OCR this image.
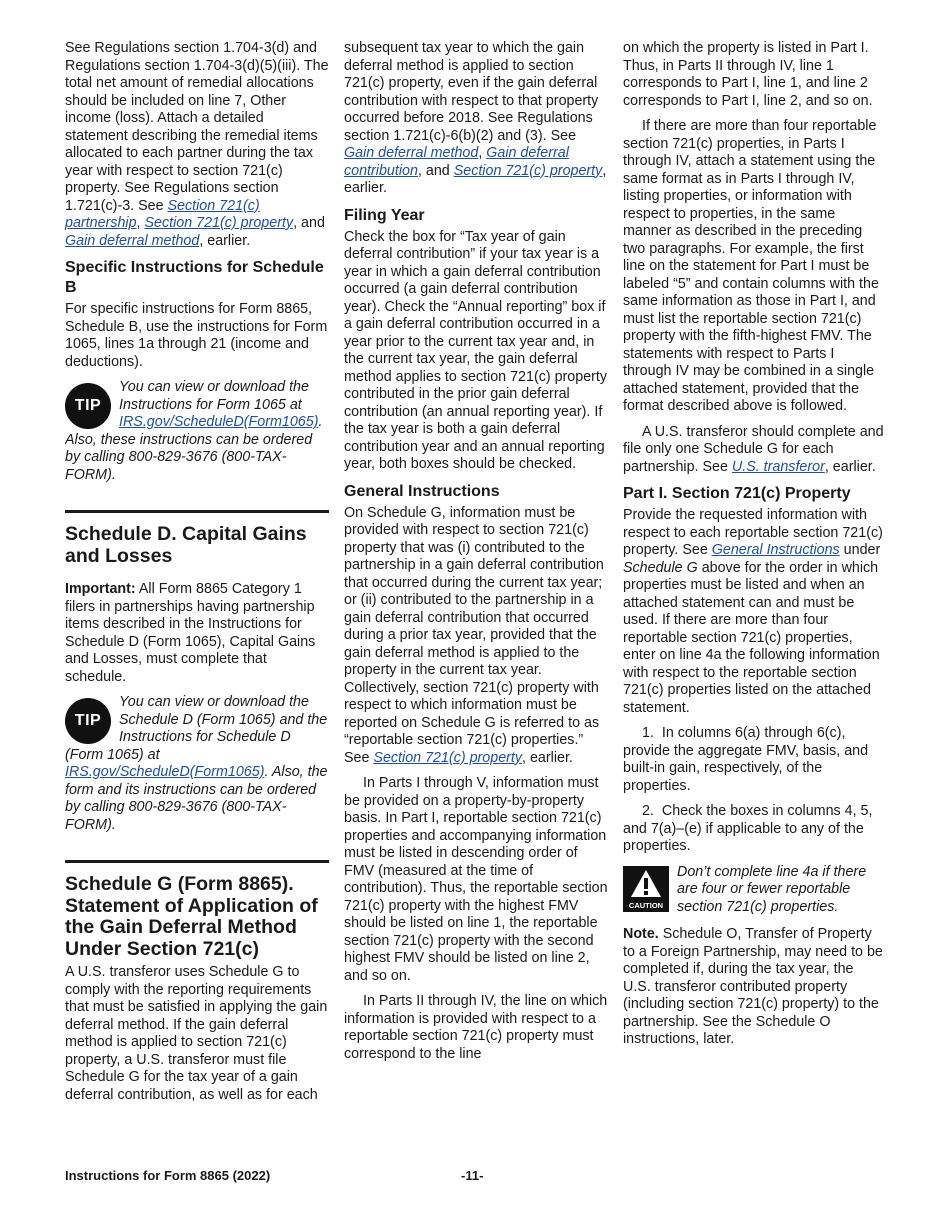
See Regulations section 1.704-3(d) and Regulations section 1.704-3(d)(5)(iii). The total net amount of remedial allocations should be included on line 7, Other income (loss). Attach a detailed statement describing the remedial items allocated to each partner during the tax year with respect to section 721(c) property. See Regulations section 1.721(c)-3. See Section 721(c) partnership, Section 721(c) property, and Gain deferral method, earlier.

Specific Instructions for Schedule B

For specific instructions for Form 8865, Schedule B, use the instructions for Form 1065, lines 1a through 21 (income and deductions).

TIP
You can view or download the Instructions for Form 1065 at IRS.gov/ScheduleD(Form1065). Also, these instructions can be ordered by calling 800-829-3676 (800-TAX-FORM).
Schedule D. Capital Gains and Losses

Important: All Form 8865 Category 1 filers in partnerships having partnership items described in the Instructions for Schedule D (Form 1065), Capital Gains and Losses, must complete that schedule.

TIP
You can view or download the Schedule D (Form 1065) and the Instructions for Schedule D (Form 1065) at IRS.gov/ScheduleD(Form1065). Also, the form and its instructions can be ordered by calling 800-829-3676 (800-TAX-FORM).
Schedule G (Form 8865). Statement of Application of the Gain Deferral Method Under Section 721(c)

A U.S. transferor uses Schedule G to comply with the reporting requirements that must be satisfied in applying the gain deferral method. If the gain deferral method is applied to section 721(c) property, a U.S. transferor must file Schedule G for the tax year of a gain deferral contribution, as well as for each

subsequent tax year to which the gain deferral method is applied to section 721(c) property, even if the gain deferral contribution with respect to that property occurred before 2018. See Regulations section 1.721(c)-6(b)(2) and (3). See Gain deferral method, Gain deferral contribution, and Section 721(c) property, earlier.

Filing Year

Check the box for “Tax year of gain deferral contribution” if your tax year is a year in which a gain deferral contribution occurred (a gain deferral contribution year). Check the “Annual reporting” box if a gain deferral contribution occurred in a year prior to the current tax year and, in the current tax year, the gain deferral method applies to section 721(c) property contributed in the prior gain deferral contribution (an annual reporting year). If the tax year is both a gain deferral contribution year and an annual reporting year, both boxes should be checked.

General Instructions

On Schedule G, information must be provided with respect to section 721(c) property that was (i) contributed to the partnership in a gain deferral contribution that occurred during the current tax year; or (ii) contributed to the partnership in a gain deferral contribution that occurred during a prior tax year, provided that the gain deferral method is applied to the property in the current tax year. Collectively, section 721(c) property with respect to which information must be reported on Schedule G is referred to as “reportable section 721(c) properties.” See Section 721(c) property, earlier.

In Parts I through V, information must be provided on a property-by-property basis. In Part I, reportable section 721(c) properties and accompanying information must be listed in descending order of FMV (measured at the time of contribution). Thus, the reportable section 721(c) property with the highest FMV should be listed on line 1, the reportable section 721(c) property with the second highest FMV should be listed on line 2, and so on.

In Parts II through IV, the line on which information is provided with respect to a reportable section 721(c) property must correspond to the line

on which the property is listed in Part I. Thus, in Parts II through IV, line 1 corresponds to Part I, line 1, and line 2 corresponds to Part I, line 2, and so on.

If there are more than four reportable section 721(c) properties, in Parts I through IV, attach a statement using the same format as in Parts I through IV, listing properties, or information with respect to properties, in the same manner as described in the preceding two paragraphs. For example, the first line on the statement for Part I must be labeled “5” and contain columns with the same information as those in Part I, and must list the reportable section 721(c) property with the fifth-highest FMV. The statements with respect to Parts I through IV may be combined in a single attached statement, provided that the format described above is followed.

A U.S. transferor should complete and file only one Schedule G for each partnership. See U.S. transferor, earlier.

Part I. Section 721(c) Property

Provide the requested information with respect to each reportable section 721(c) property. See General Instructions under Schedule G above for the order in which properties must be listed and when an attached statement can and must be used. If there are more than four reportable section 721(c) properties, enter on line 4a the following information with respect to the reportable section 721(c) properties listed on the attached statement.

1.  In columns 6(a) through 6(c), provide the aggregate FMV, basis, and built-in gain, respectively, of the properties.

2.  Check the boxes in columns 4, 5, and 7(a)–(e) if applicable to any of the properties.

CAUTION
Don’t complete line 4a if there are four or fewer reportable section 721(c) properties.

Note. Schedule O, Transfer of Property to a Foreign Partnership, may need to be completed if, during the tax year, the U.S. transferor contributed property (including section 721(c) property) to the partnership. See the Schedule O instructions, later.

Instructions for Form 8865 (2022)	-11-
